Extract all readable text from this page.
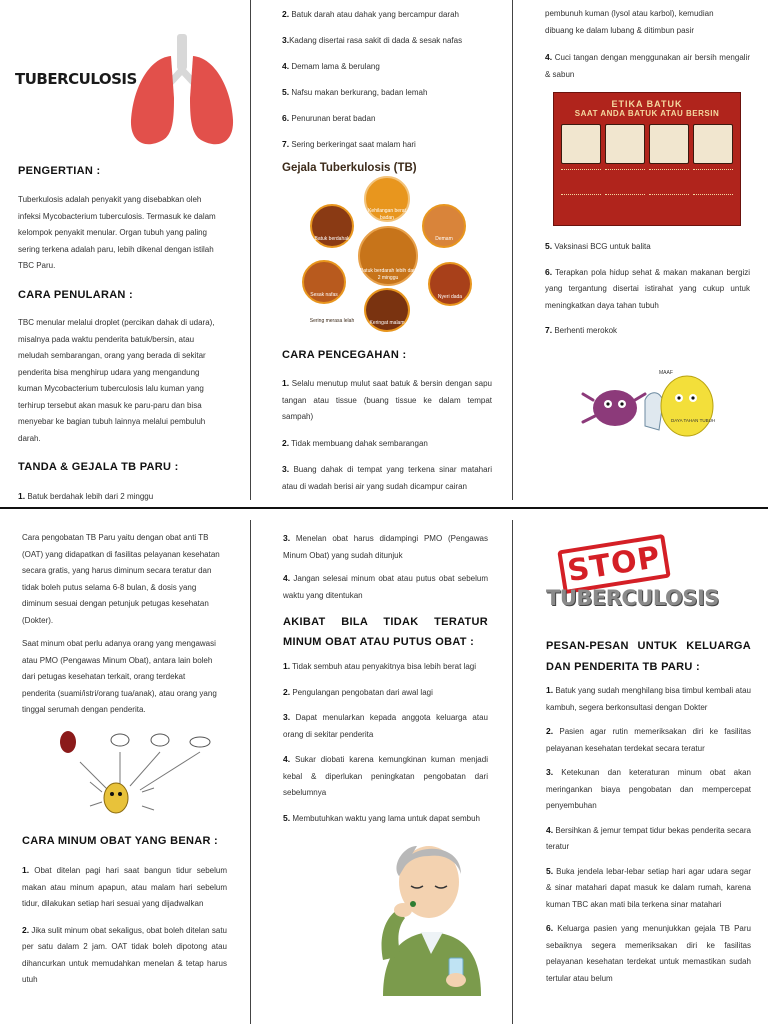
TUBERCULOSIS
PENGERTIAN :
Tuberkulosis adalah penyakit yang disebabkan oleh
infeksi Mycobacterium tuberculosis. Termasuk ke dalam
kelompok penyakit menular. Organ tubuh yang paling
sering terkena adalah paru, lebih dikenal dengan istilah
TBC Paru.
CARA PENULARAN :
TBC menular melalui droplet (percikan dahak di udara),
misalnya pada waktu penderita batuk/bersin, atau
meludah sembarangan, orang yang berada di sekitar
penderita bisa menghirup udara yang mengandung
kuman Mycobacterium tuberculosis lalu kuman yang
terhirup tersebut akan masuk ke paru-paru dan bisa
menyebar ke bagian tubuh lainnya melalui pembuluh
darah.
TANDA & GEJALA TB PARU :
1. Batuk berdahak lebih dari 2 minggu
2. Batuk darah atau dahak yang bercampur darah
3.Kadang disertai rasa sakit di dada & sesak nafas
4. Demam lama & berulang
5. Nafsu makan berkurang, badan lemah
6. Penurunan berat badan
7. Sering berkeringat saat malam hari
Gejala Tuberkulosis (TB)
Kehilangan berat badan
Batuk berdahak	Demam
Sesak nafas
Batuk berdarah lebih dari 2 minggu
Nyeri dada
Keringat malam
Sering merasa lelah
CARA PENCEGAHAN :
1. Selalu menutup mulut saat batuk & bersin dengan sapu tangan atau tissue (buang tissue ke dalam tempat sampah)
2. Tidak membuang dahak sembarangan
3. Buang dahak di tempat yang terkena sinar matahari atau di wadah berisi air yang sudah dicampur cairan
pembunuh kuman (lysol atau karbol), kemudian
dibuang ke dalam lubang & ditimbun pasir
4. Cuci tangan dengan menggunakan air bersih mengalir & sabun
ETIKA BATUK
SAAT ANDA BATUK ATAU BERSIN
5. Vaksinasi BCG untuk balita
6. Terapkan pola hidup sehat & makan makanan bergizi yang tergantung disertai istirahat yang cukup untuk meningkatkan daya tahan tubuh
7. Berhenti merokok
MAAF
DAYA TAHAN TUBUH
Cara pengobatan TB Paru yaitu dengan obat anti TB
(OAT) yang didapatkan di fasilitas pelayanan kesehatan
secara gratis, yang harus diminum secara teratur dan
tidak boleh putus selama 6-8 bulan, & dosis yang
diminum sesuai dengan petunjuk petugas kesehatan
(Dokter).
Saat minum obat perlu adanya orang yang mengawasi
atau PMO (Pengawas Minum Obat), antara lain boleh
dari petugas kesehatan terkait, orang terdekat
penderita (suami/istri/orang tua/anak), atau orang yang
tinggal serumah dengan penderita.
CARA MINUM OBAT YANG BENAR :
1. Obat ditelan pagi hari saat bangun tidur sebelum makan atau minum apapun, atau malam hari sebelum tidur, dilakukan setiap hari sesuai yang dijadwalkan
2. Jika sulit minum obat sekaligus, obat boleh ditelan satu per satu dalam 2 jam. OAT tidak boleh dipotong atau dihancurkan untuk memudahkan menelan & tetap harus utuh
3. Menelan obat harus didampingi PMO (Pengawas Minum Obat) yang sudah ditunjuk
4. Jangan selesai minum obat atau putus obat sebelum waktu yang ditentukan
AKIBAT BILA TIDAK TERATUR MINUM OBAT ATAU PUTUS OBAT :
1. Tidak sembuh atau penyakitnya bisa lebih berat lagi
2. Pengulangan pengobatan dari awal lagi
3. Dapat menularkan kepada anggota keluarga atau orang di sekitar penderita
4. Sukar diobati karena kemungkinan kuman menjadi kebal & diperlukan peningkatan pengobatan dari sebelumnya
5. Membutuhkan waktu yang lama untuk dapat sembuh
STOP
TUBERCULOSIS
PESAN-PESAN UNTUK KELUARGA DAN PENDERITA TB PARU :
1. Batuk yang sudah menghilang bisa timbul kembali atau kambuh, segera berkonsultasi dengan Dokter
2. Pasien agar rutin memeriksakan diri ke fasilitas pelayanan kesehatan terdekat secara teratur
3. Ketekunan dan keteraturan minum obat akan meringankan biaya pengobatan dan mempercepat penyembuhan
4. Bersihkan & jemur tempat tidur bekas penderita secara teratur
5. Buka jendela lebar-lebar setiap hari agar udara segar & sinar matahari dapat masuk ke dalam rumah, karena kuman TBC akan mati bila terkena sinar matahari
6. Keluarga pasien yang menunjukkan gejala TB Paru sebaiknya segera memeriksakan diri ke fasilitas pelayanan kesehatan terdekat untuk memastikan sudah tertular atau belum
